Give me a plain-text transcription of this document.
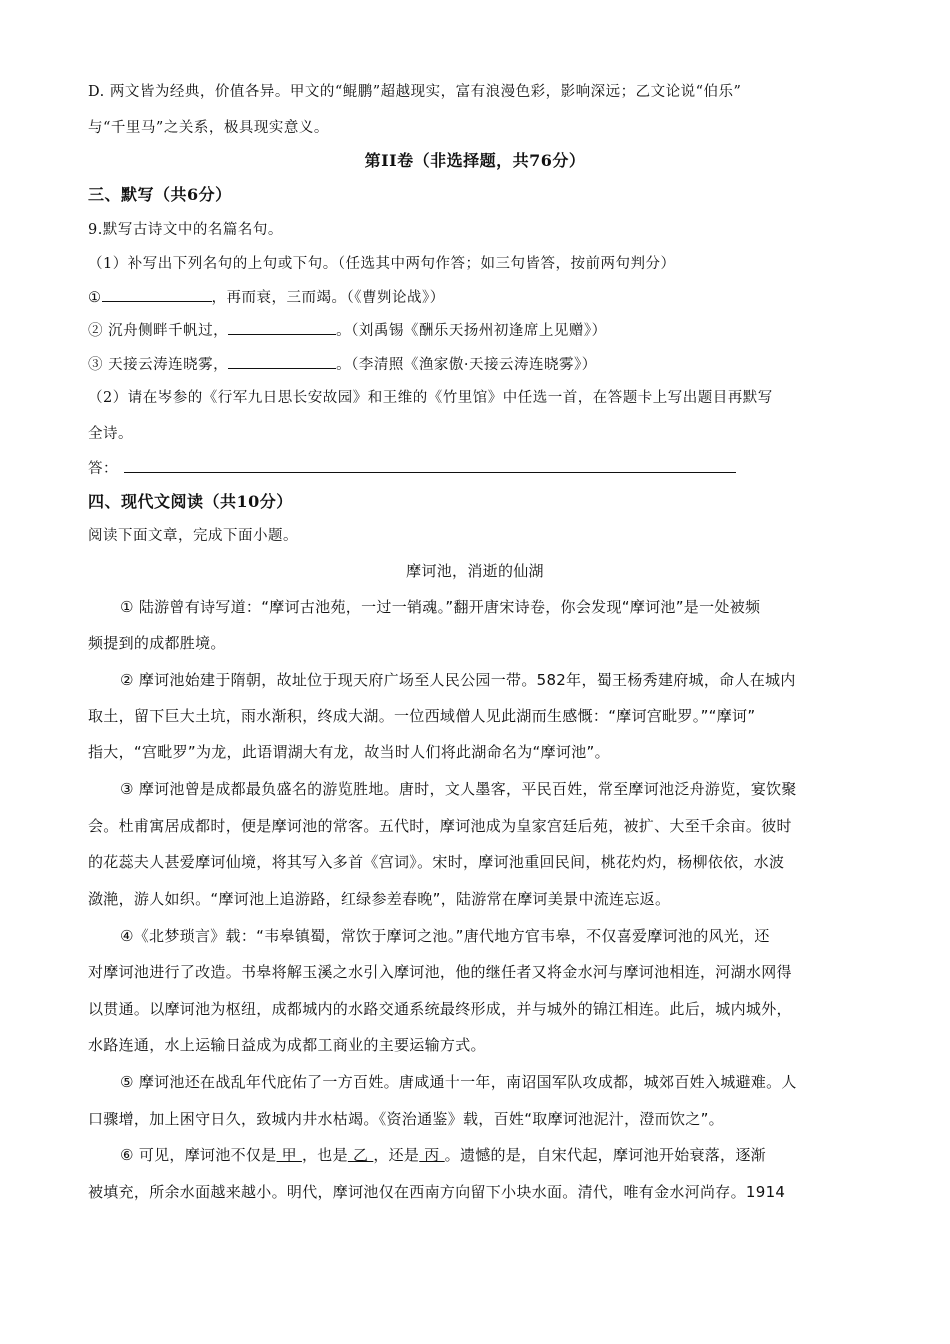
D. 两文皆为经典，价值各异。甲文的“鲲鹏”超越现实，富有浪漫色彩，影响深远；乙文论说“伯乐”
与“千里马”之关系，极具现实意义。
第II卷（非选择题，共76分）
三、默写（共6分）
9.默写古诗文中的名篇名句。
（1）补写出下列名句的上句或下句。（任选其中两句作答；如三句皆答，按前两句判分）
①	，再而衰，三而竭。（《曹刿论战》）
② 沉舟侧畔千帆过，	。（刘禹锡《酬乐天扬州初逢席上见赠》）
③ 天接云涛连晓雾，	。（李清照《渔家傲·天接云涛连晓雾》）
（2）请在岑参的《行军九日思长安故园》和王维的《竹里馆》中任选一首，在答题卡上写出题目再默写
全诗。
答：
四、现代文阅读（共10分）
阅读下面文章，完成下面小题。
摩诃池，消逝的仙湖
① 陆游曾有诗写道：“摩诃古池苑，一过一销魂。”翻开唐宋诗卷，你会发现“摩诃池”是一处被频
频提到的成都胜境。
② 摩诃池始建于隋朝，故址位于现天府广场至人民公园一带。582年，蜀王杨秀建府城，命人在城内
取土，留下巨大土坑，雨水渐积，终成大湖。一位西域僧人见此湖而生感慨：“摩诃宫毗罗。”“摩诃”
指大，“宫毗罗”为龙，此语谓湖大有龙，故当时人们将此湖命名为“摩诃池”。
③ 摩诃池曾是成都最负盛名的游览胜地。唐时，文人墨客，平民百姓，常至摩诃池泛舟游览，宴饮聚
会。杜甫寓居成都时，便是摩诃池的常客。五代时，摩诃池成为皇家宫廷后苑，被扩、大至千余亩。彼时
的花蕊夫人甚爱摩诃仙境，将其写入多首《宫词》。宋时，摩诃池重回民间，桃花灼灼，杨柳依依，水波
潋滟，游人如织。“摩诃池上追游路，红绿参差春晚”，陆游常在摩诃美景中流连忘返。
④《北梦琐言》载：“韦皋镇蜀，常饮于摩诃之池。”唐代地方官韦皋，不仅喜爱摩诃池的风光，还
对摩诃池进行了改造。书皋将解玉溪之水引入摩诃池，他的继任者又将金水河与摩诃池相连，河湖水网得
以贯通。以摩诃池为枢纽，成都城内的水路交通系统最终形成，并与城外的锦江相连。此后，城内城外，
水路连通，水上运输日益成为成都工商业的主要运输方式。
⑤ 摩诃池还在战乱年代庇佑了一方百姓。唐咸通十一年，南诏国军队攻成都，城郊百姓入城避难。人
口骤增，加上困守日久，致城内井水枯竭。《资治通鉴》载，百姓“取摩诃池泥汁，澄而饮之”。
⑥ 可见，摩诃池不仅是 甲 ，也是 乙 ，还是 丙 。遗憾的是，自宋代起，摩诃池开始衰落，逐渐
被填充，所余水面越来越小。明代，摩诃池仅在西南方向留下小块水面。清代，唯有金水河尚存。1914
